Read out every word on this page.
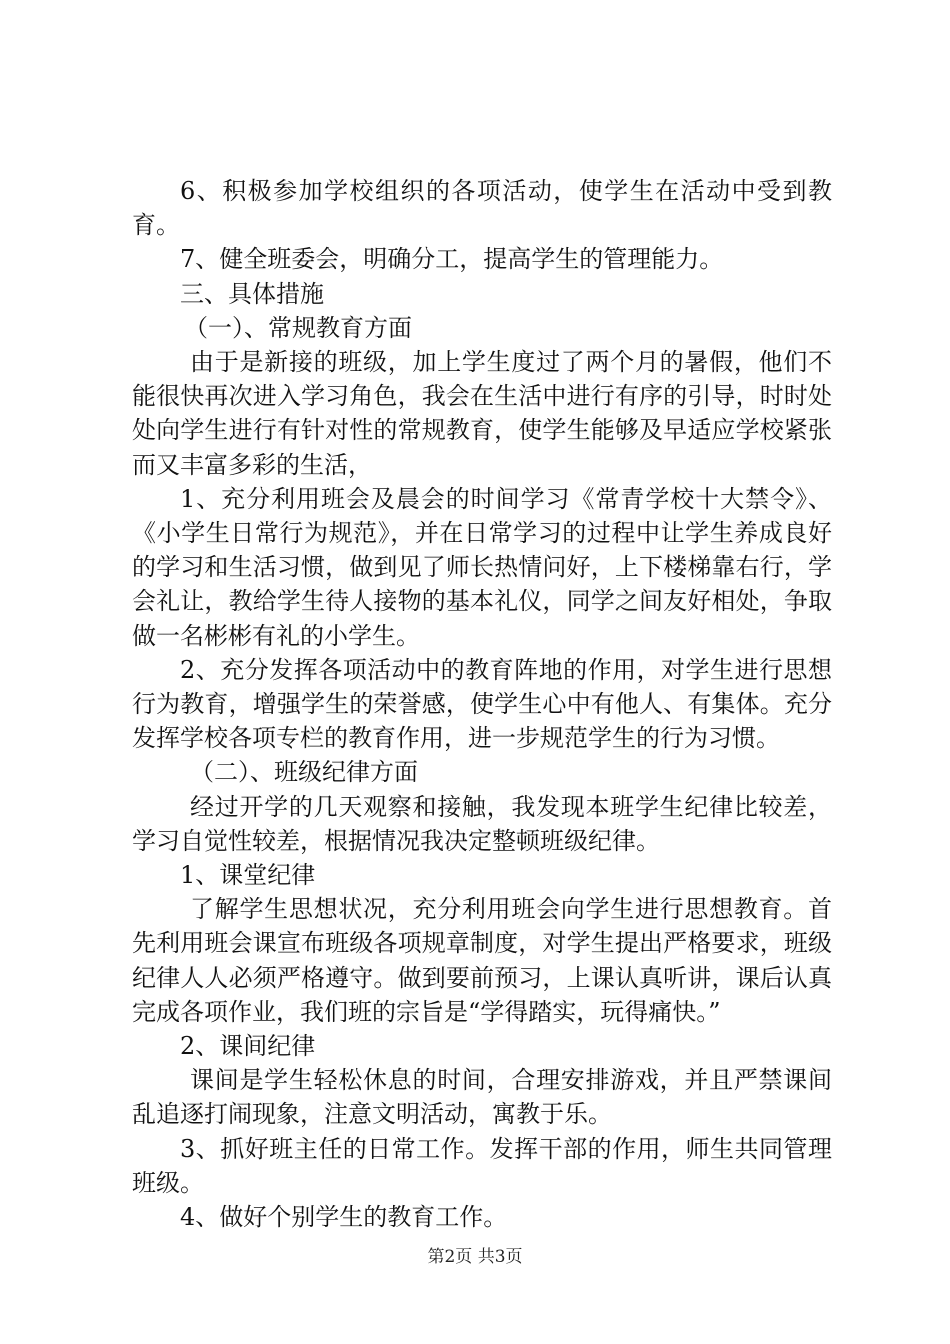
6、积极参加学校组织的各项活动，使学生在活动中受到教育。

7、健全班委会，明确分工，提高学生的管理能力。

三、具体措施

（一）、常规教育方面

由于是新接的班级，加上学生度过了两个月的暑假，他们不能很快再次进入学习角色，我会在生活中进行有序的引导，时时处处向学生进行有针对性的常规教育，使学生能够及早适应学校紧张而又丰富多彩的生活，

1、充分利用班会及晨会的时间学习《常青学校十大禁令》、《小学生日常行为规范》，并在日常学习的过程中让学生养成良好的学习和生活习惯，做到见了师长热情问好，上下楼梯靠右行，学会礼让，教给学生待人接物的基本礼仪，同学之间友好相处，争取做一名彬彬有礼的小学生。

2、充分发挥各项活动中的教育阵地的作用，对学生进行思想行为教育，增强学生的荣誉感，使学生心中有他人、有集体。充分发挥学校各项专栏的教育作用，进一步规范学生的行为习惯。

（二）、班级纪律方面

经过开学的几天观察和接触，我发现本班学生纪律比较差，学习自觉性较差，根据情况我决定整顿班级纪律。

1、课堂纪律

了解学生思想状况，充分利用班会向学生进行思想教育。首先利用班会课宣布班级各项规章制度，对学生提出严格要求，班级纪律人人必须严格遵守。做到要前预习，上课认真听讲，课后认真完成各项作业，我们班的宗旨是“学得踏实，玩得痛快。”

2、课间纪律

课间是学生轻松休息的时间，合理安排游戏，并且严禁课间乱追逐打闹现象，注意文明活动，寓教于乐。

3、抓好班主任的日常工作。发挥干部的作用，师生共同管理班级。

4、做好个别学生的教育工作。

第2页 共3页
